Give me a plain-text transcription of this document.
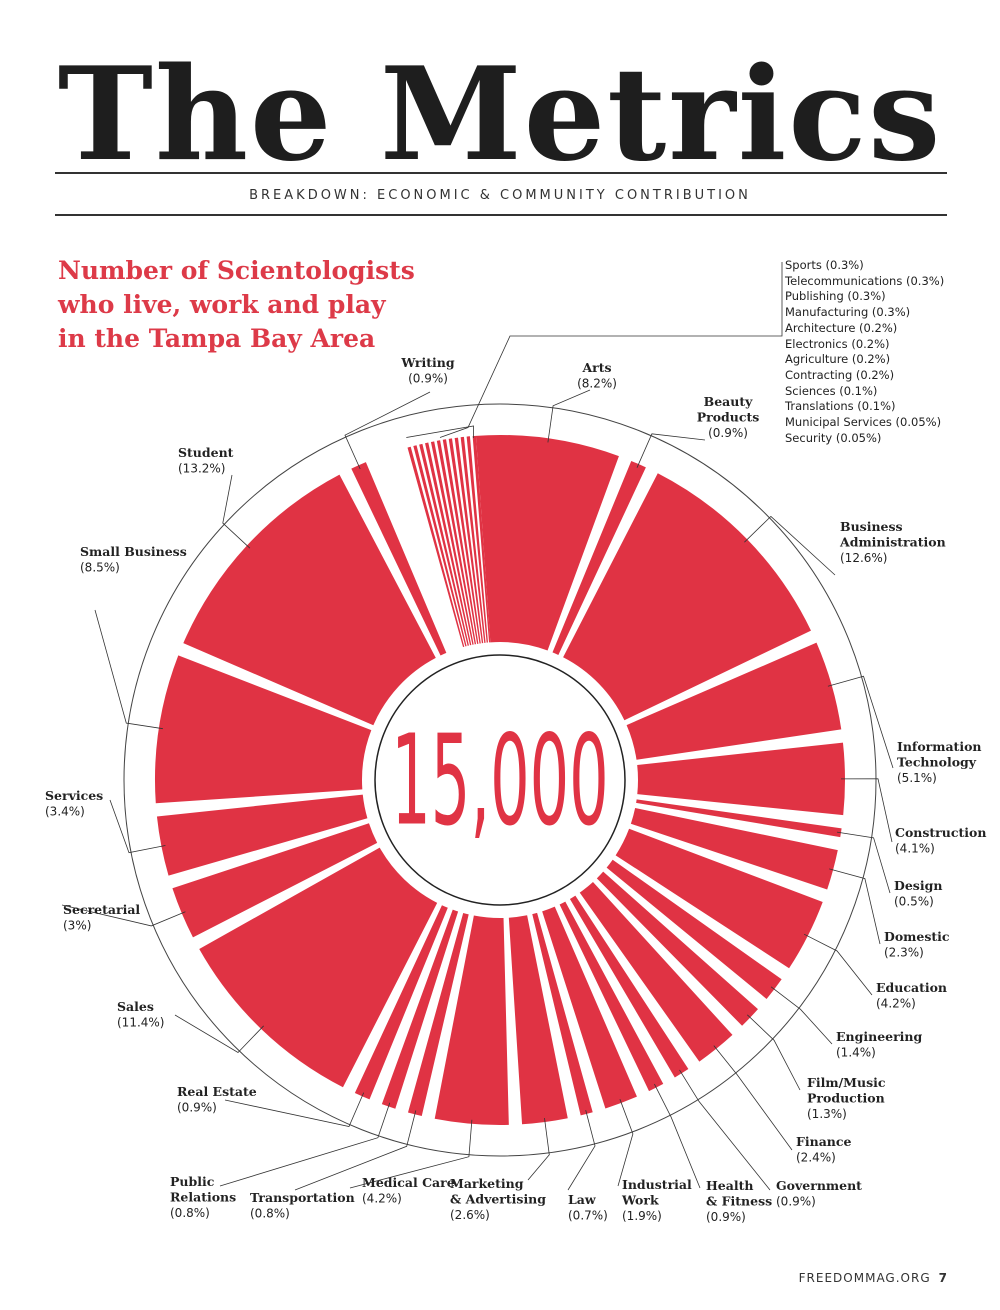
The Metrics
BREAKDOWN: ECONOMIC & COMMUNITY CONTRIBUTION
Number of Scientologists who live, work and play in the Tampa Bay Area
15,000
Arts (8.2%)
Beauty Products (0.9%)
Business Administration (12.6%)
Information Technology (5.1%)
Construction (4.1%)
Design (0.5%)
Domestic (2.3%)
Education (4.2%)
Engineering (1.4%)
Film/Music Production (1.3%)
Finance (2.4%)
Government (0.9%)
Health & Fitness (0.9%)
Industrial Work (1.9%)
Law (0.7%)
Marketing & Advertising (2.6%)
Medical Care (4.2%)
Transportation (0.8%)
Public Relations (0.8%)
Real Estate (0.9%)
Sales (11.4%)
Secretarial (3%)
Services (3.4%)
Small Business (8.5%)
Student (13.2%)
Writing (0.9%)
Sports (0.3%)
Telecommunications (0.3%)
Publishing (0.3%)
Manufacturing (0.3%)
Architecture (0.2%)
Electronics (0.2%)
Agriculture (0.2%)
Contracting (0.2%)
Sciences (0.1%)
Translations (0.1%)
Municipal Services (0.05%)
Security (0.05%)
FREEDOMMAG.ORG 7
